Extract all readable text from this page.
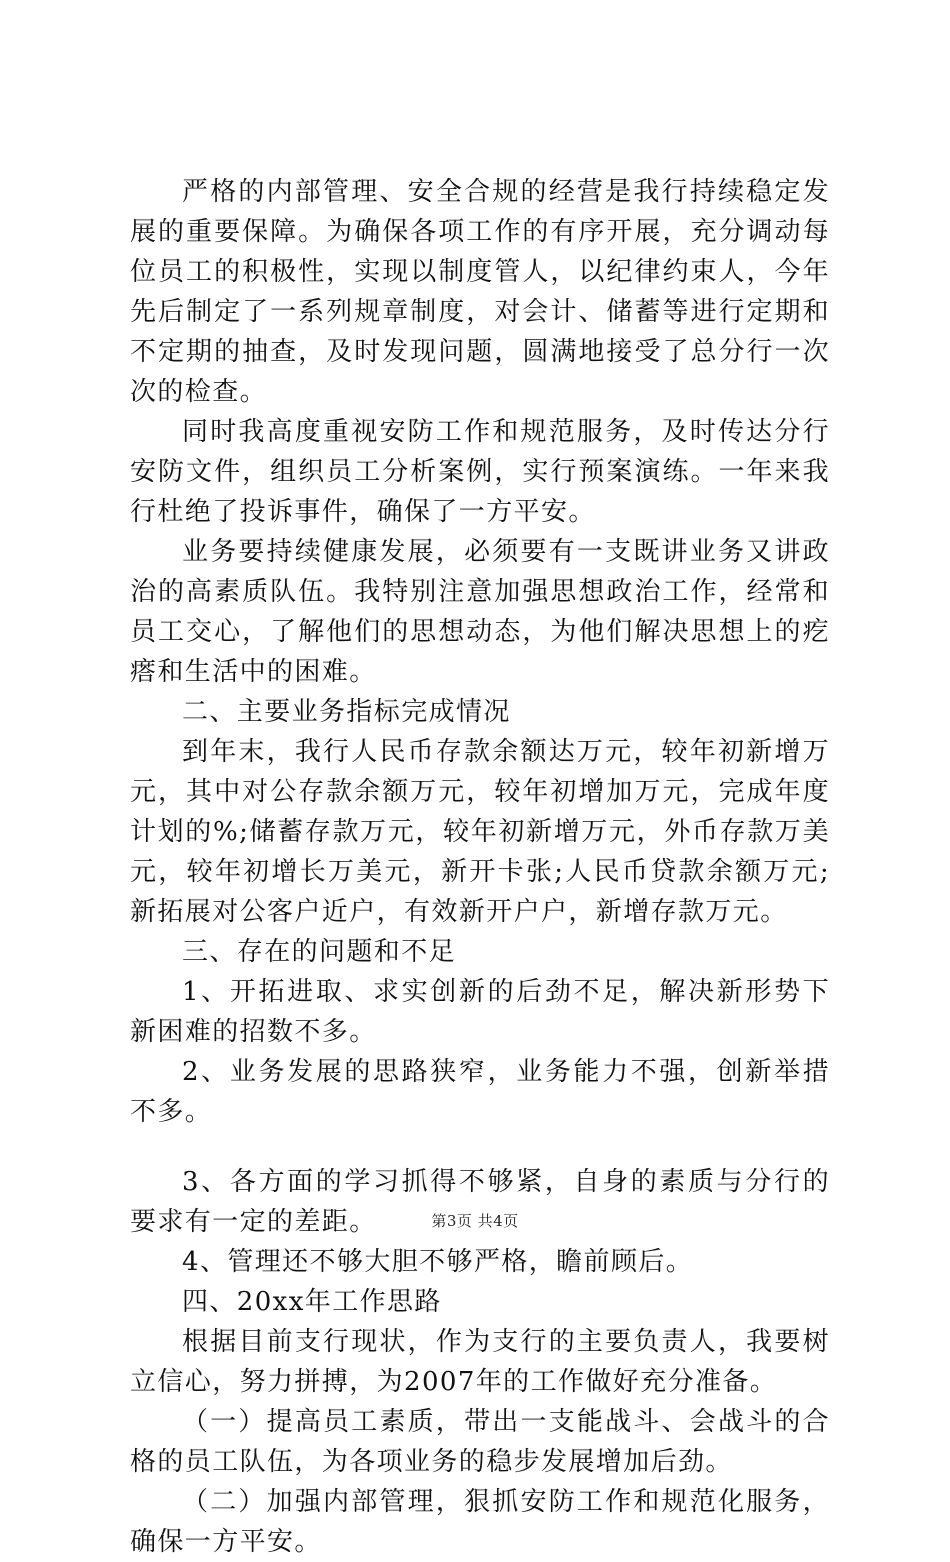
严格的内部管理、安全合规的经营是我行持续稳定发展的重要保障。为确保各项工作的有序开展，充分调动每位员工的积极性，实现以制度管人，以纪律约束人，今年先后制定了一系列规章制度，对会计、储蓄等进行定期和不定期的抽查，及时发现问题，圆满地接受了总分行一次次的检查。

同时我高度重视安防工作和规范服务，及时传达分行安防文件，组织员工分析案例，实行预案演练。一年来我行杜绝了投诉事件，确保了一方平安。

业务要持续健康发展，必须要有一支既讲业务又讲政治的高素质队伍。我特别注意加强思想政治工作，经常和员工交心，了解他们的思想动态，为他们解决思想上的疙瘩和生活中的困难。

二、主要业务指标完成情况

到年末，我行人民币存款余额达万元，较年初新增万元，其中对公存款余额万元，较年初增加万元，完成年度计划的%;储蓄存款万元，较年初新增万元，外币存款万美元，较年初增长万美元，新开卡张;人民币贷款余额万元;新拓展对公客户近户，有效新开户户，新增存款万元。

三、存在的问题和不足

1、开拓进取、求实创新的后劲不足，解决新形势下新困难的招数不多。

2、业务发展的思路狭窄，业务能力不强，创新举措不多。

3、各方面的学习抓得不够紧，自身的素质与分行的要求有一定的差距。

4、管理还不够大胆不够严格，瞻前顾后。

四、20xx年工作思路

根据目前支行现状，作为支行的主要负责人，我要树立信心，努力拼搏，为2007年的工作做好充分准备。

（一）提高员工素质，带出一支能战斗、会战斗的合格的员工队伍，为各项业务的稳步发展增加后劲。

（二）加强内部管理，狠抓安防工作和规范化服务，确保一方平安。

第3页 共4页
